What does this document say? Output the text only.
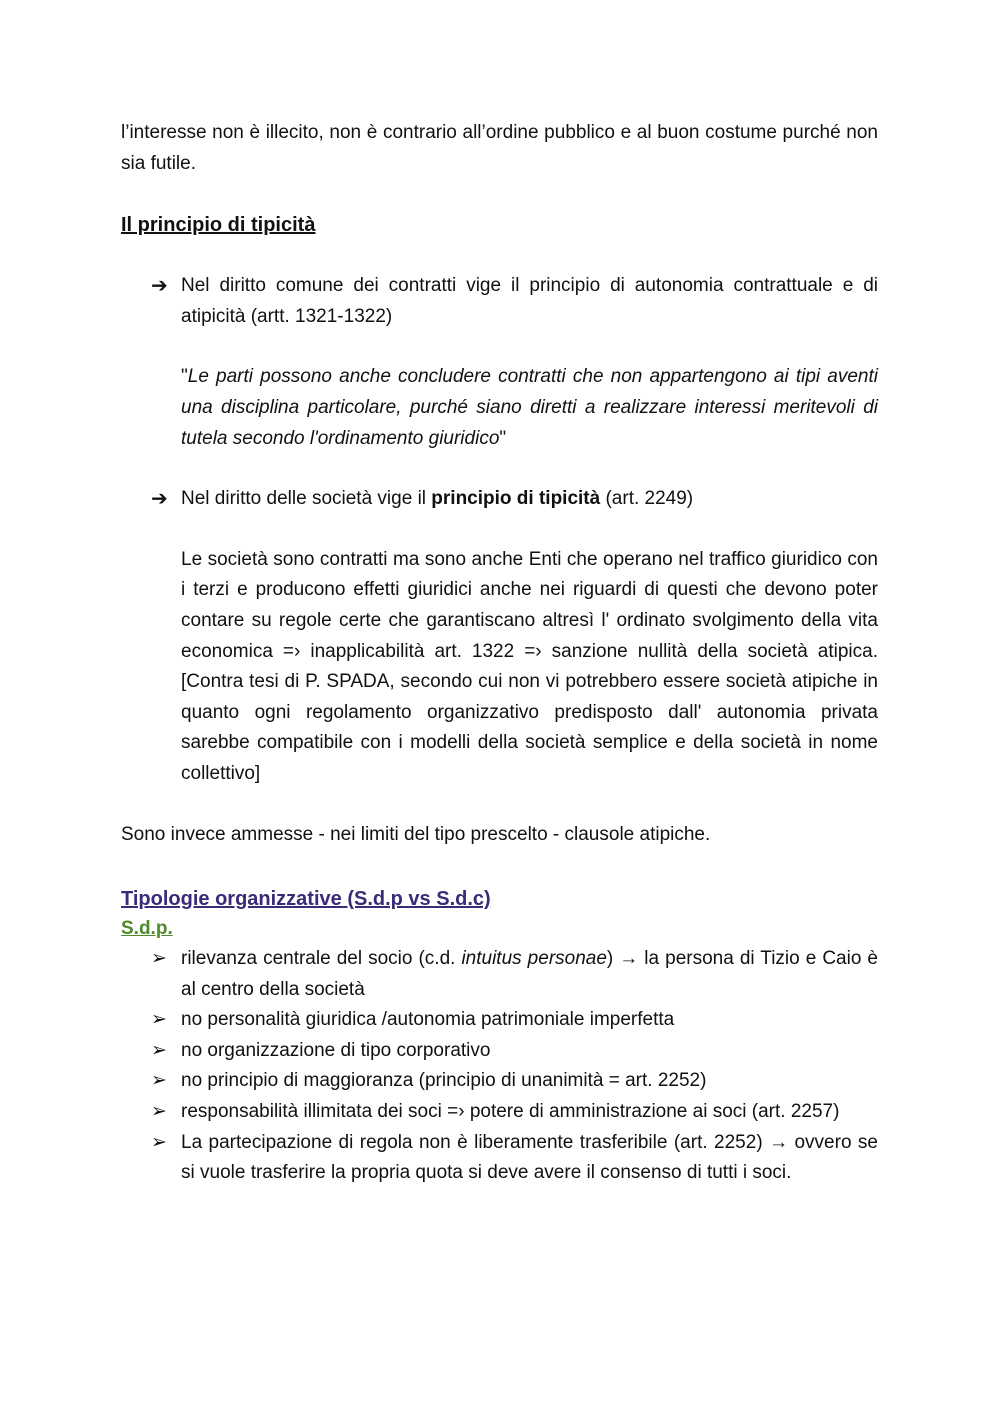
l’interesse non è illecito, non è contrario all’ordine pubblico e al buon costume purché non sia futile.

Il principio di tipicità
➔ Nel diritto comune dei contratti vige il principio di autonomia contrattuale e di atipicità (artt. 1321-1322)

"Le parti possono anche concludere contratti che non appartengono ai tipi aventi una disciplina particolare, purché siano diretti a realizzare interessi meritevoli di tutela secondo l'ordinamento giuridico"

➔ Nel diritto delle società vige il principio di tipicità (art. 2249)

Le società sono contratti ma sono anche Enti che operano nel traffico giuridico con i terzi e producono effetti giuridici anche nei riguardi di questi che devono poter contare su regole certe che garantiscano altresì l' ordinato svolgimento della vita economica =› inapplicabilità art. 1322 =› sanzione nullità della società atipica. [Contra tesi di P. SPADA, secondo cui non vi potrebbero essere società atipiche in quanto ogni regolamento organizzativo predisposto dall' autonomia privata sarebbe compatibile con i modelli della società semplice e della società in nome collettivo]

Sono invece ammesse - nei limiti del tipo prescelto - clausole atipiche.

Tipologie organizzative (S.d.p vs S.d.c)
S.d.p.
➢ rilevanza centrale del socio (c.d. intuitus personae) → la persona di Tizio e Caio è al centro della società
➢ no personalità giuridica /autonomia patrimoniale imperfetta
➢ no organizzazione di tipo corporativo
➢ no principio di maggioranza (principio di unanimità = art. 2252)
➢ responsabilità illimitata dei soci =› potere di amministrazione ai soci (art. 2257)
➢ La partecipazione di regola non è liberamente trasferibile (art. 2252) → ovvero se si vuole trasferire la propria quota si deve avere il consenso di tutti i soci.
